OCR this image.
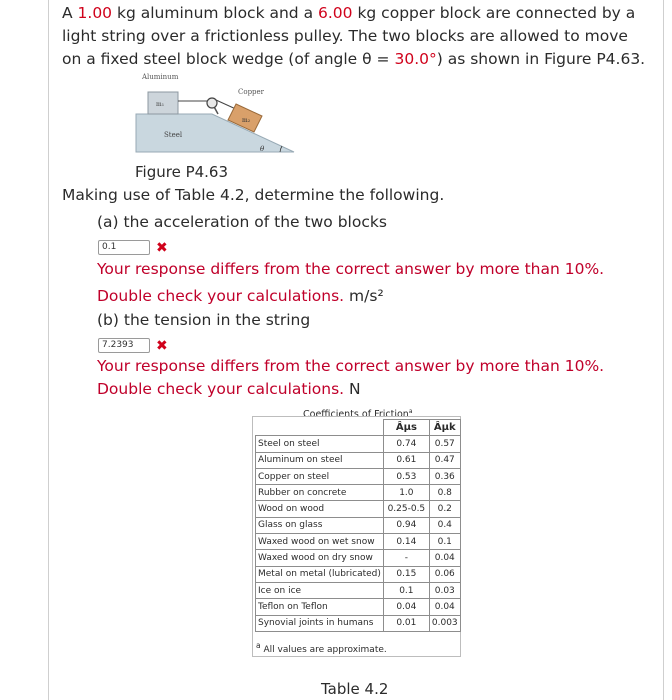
A 1.00 kg aluminum block and a 6.00 kg copper block are connected by a light string over a frictionless pulley. The two blocks are allowed to move on a fixed steel block wedge (of angle θ = 30.0°) as shown in Figure P4.63.

Aluminum
Copper
m₁
m₂
Steel
θ
Figure P4.63
Making use of Table 4.2, determine the following.
(a) the acceleration of the two blocks
0.1	✖
Your response differs from the correct answer by more than 10%.
Double check your calculations. m/s²
(b) the tension in the string
7.2393	✖
Your response differs from the correct answer by more than 10%.
Double check your calculations. N
Coefficients of Friction$^a$
	Âμs	Âμk
Steel on steel	0.74	0.57
Aluminum on steel	0.61	0.47
Copper on steel	0.53	0.36
Rubber on concrete	1.0	0.8
Wood on wood	0.25-0.5	0.2
Glass on glass	0.94	0.4
Waxed wood on wet snow	0.14	0.1
Waxed wood on dry snow	-	0.04
Metal on metal (lubricated)	0.15	0.06
Ice on ice	0.1	0.03
Teflon on Teflon	0.04	0.04
Synovial joints in humans	0.01	0.003
$^a$ All values are approximate.
Table 4.2
